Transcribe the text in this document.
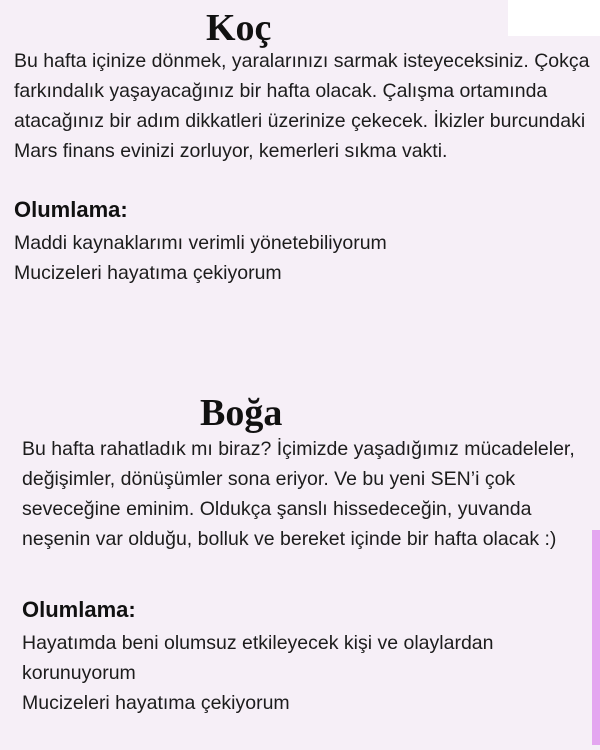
Koç

Bu hafta içinize dönmek, yaralarınızı sarmak isteyeceksiniz. Çokça farkındalık yaşayacağınız bir hafta olacak. Çalışma ortamında atacağınız bir adım dikkatleri üzerinize çekecek. İkizler burcundaki Mars finans evinizi zorluyor, kemerleri sıkma vakti.

Olumlama:
Maddi kaynaklarımı verimli yönetebiliyorum
Mucizeleri hayatıma çekiyorum
Boğa

Bu hafta rahatladık mı biraz? İçimizde yaşadığımız mücadeleler, değişimler, dönüşümler sona eriyor. Ve bu yeni SEN’i çok seveceğine eminim. Oldukça şanslı hissedeceğin, yuvanda neşenin var olduğu, bolluk ve bereket içinde bir hafta olacak :)

Olumlama:
Hayatımda beni olumsuz etkileyecek kişi ve olaylardan korunuyorum
Mucizeleri hayatıma çekiyorum
